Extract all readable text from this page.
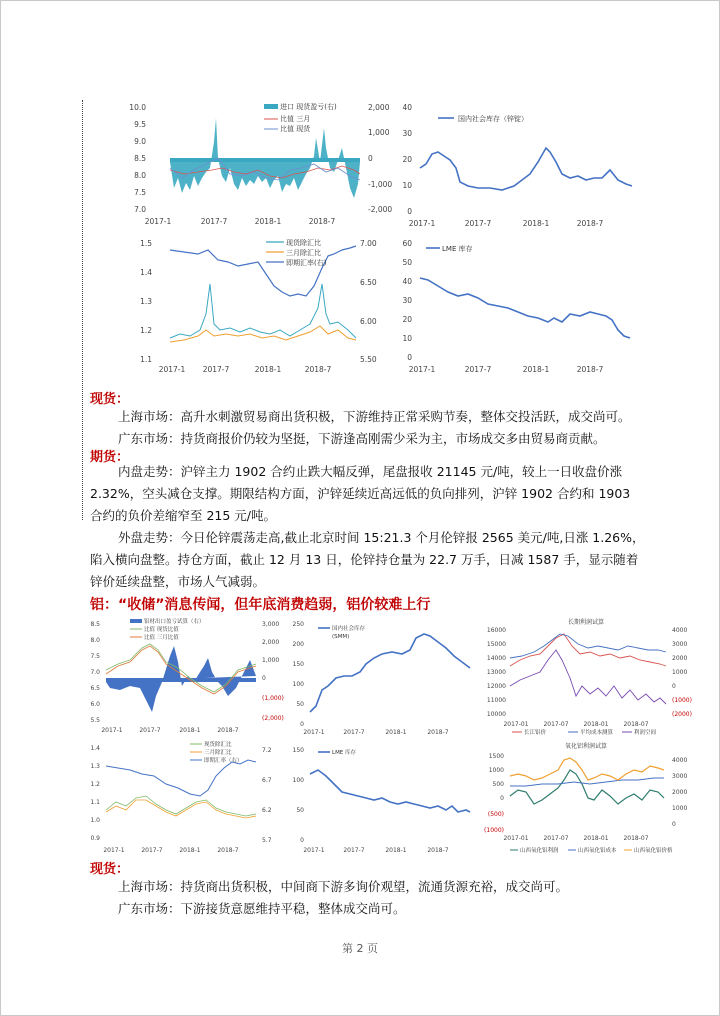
10.0
9.5
9.0
8.5
8.0
7.5
7.0
2,000
1,000
0
-1,000
-2,000
2017-1	2017-7	2018-1	2018-7
进口 现货盈亏(右)
比值 三月
比值 现货
40
30
20
10
0
2017-1	2017-7	2018-1	2018-7
国内社会库存（锌锭）
1.5
1.4
1.3
1.2
1.1
7.00
6.50
6.00
5.50
2017-1 2017-7	2018-1	2018-7
现货除汇比
三月除汇比
即期汇率(右)
60
50
40
30
20
10
0
2017-1	2017-7	2018-1	2018-7
LME 库存
现货：
上海市场：高升水刺激贸易商出货积极，下游维持正常采购节奏，整体交投活跃，成交尚可。
广东市场：持货商报价仍较为坚挺，下游逢高刚需少采为主，市场成交多由贸易商贡献。
期货：
内盘走势：沪锌主力 1902 合约止跌大幅反弹，尾盘报收 21145 元/吨，较上一日收盘价涨
2.32%，空头减仓支撑。期限结构方面，沪锌延续近高远低的负向排列，沪锌 1902 合约和 1903
合约的负价差缩窄至 215 元/吨。
外盘走势：今日伦锌震荡走高,截止北京时间 15:21.3 个月伦锌报 2565 美元/吨,日涨 1.26%，
陷入横向盘整。持仓方面，截止 12 月 13 日，伦锌持仓量为 22.7 万手，日减 1587 手，显示随着
锌价延续盘整，市场人气减弱。
铝：“收储”消息传闻，但年底消费趋弱，铝价较难上行
8.5
8.0
7.5
7.0
6.5
6.0
5.5
3,000
2,000
1,000
0
(1,000)
(2,000)
2017-1	2017-7	2018-1	2018-7
铝材出口盈亏试算（右）
比值 现货比值
比值 三月比值
250
200
150
100
50
0
2017-1	2017-7	2018-1	2018-7
国内社会库存
(SMM)
长期利润试算
16000
15000
14000
13000
12000
11000
10000
4000
3000
2000
1000
0
(1000)
(2000)
2017-01 2017-07 2018-01 2018-07
长江铝价	平均成本测算	利润空间
1.4
1.3
1.2
1.1
1.0
0.9
7.2
6.7
6.2
5.7
2017-1	2017-7	2018-1	2018-7
现货除汇比
三月除汇比
即期汇率（右）
150
100
50
0
2017-1	2017-7	2018-1	2018-7
LME 库存
氧化铝利润试算
1500
1000
500
0
(500)
(1000)
4000
3000
2000
1000
0
2017-01 2017-07 2018-01 2018-07
山西氧化铝利润	山西氧化铝成本	山西氧化铝价格
现货：
上海市场：持货商出货积极，中间商下游多询价观望，流通货源充裕，成交尚可。
广东市场：下游接货意愿维持平稳，整体成交尚可。
第 2 页
